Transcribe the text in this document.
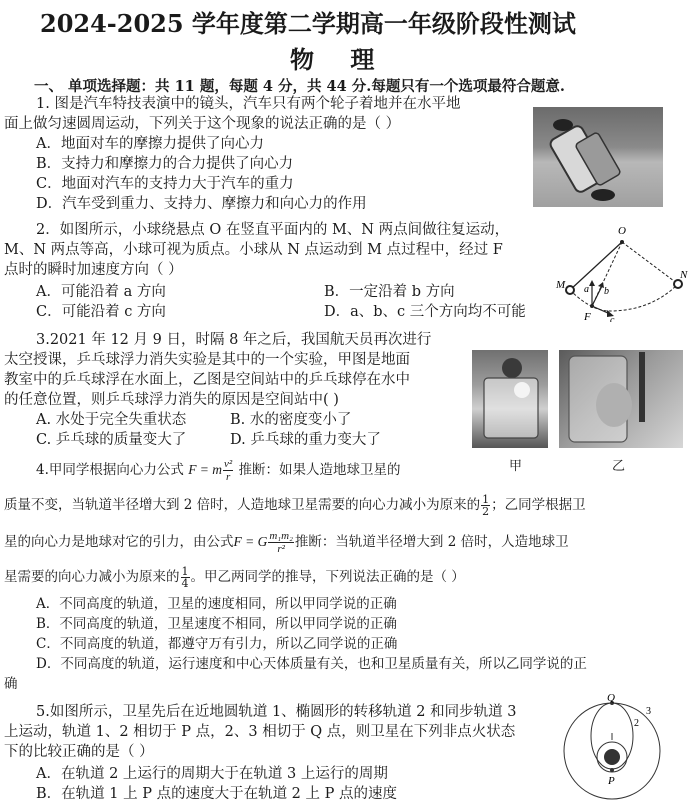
2024-2025 学年度第二学期高一年级阶段性测试
物 理
一、 单项选择题：共 11 题，每题 4 分，共 44 分.每题只有一个选项最符合题意.
1. 图是汽车特技表演中的镜头，汽车只有两个轮子着地并在水平地
面上做匀速圆周运动，下列关于这个现象的说法正确的是（ ）
A．地面对车的摩擦力提供了向心力
B．支持力和摩擦力的合力提供了向心力
C．地面对汽车的支持力大于汽车的重力
D．汽车受到重力、支持力、摩擦力和向心力的作用
2．如图所示，小球绕悬点 O 在竖直平面内的 M、N 两点间做往复运动，
M、N 两点等高，小球可视为质点。小球从 N 点运动到 M 点过程中，经过 F
点时的瞬时加速度方向（ ）
A．可能沿着 a 方向	B．一定沿着 b 方向
C．可能沿着 c 方向	D．a、b、c 三个方向均不可能
O
M
N
F
a b
c
3.2021 年 12 月 9 日，时隔 8 年之后，我国航天员再次进行
太空授课，乒乓球浮力消失实验是其中的一个实验，甲图是地面
教室中的乒乓球浮在水面上，乙图是空间站中的乒乓球停在水中
的任意位置，则乒乓球浮力消失的原因是空间站中( )
A. 水处于完全失重状态	B. 水的密度变小了
C. 乒乓球的质量变大了	D. 乒乓球的重力变大了
甲	乙
4.甲同学根据向心力公式 F = m $\frac{\text{v²}}{r}$ 推断：如果人造地球卫星的
质量不变，当轨道半径增大到 2 倍时，人造地球卫星需要的向心力减小为原来的 $\frac{1}{2}$ ；乙同学根据卫
星的向心力是地球对它的引力，由公式F = G $\frac{\text{m₁m₂}}{\text{r²}}$ 推断：当轨道半径增大到 2 倍时，人造地球卫
星需要的向心力减小为原来的 $\frac{1}{4}$ 。甲乙两同学的推导，下列说法正确的是（ ）
A．不同高度的轨道，卫星的速度相同，所以甲同学说的正确
B．不同高度的轨道，卫星速度不相同，所以甲同学说的正确
C．不同高度的轨道，都遵守万有引力，所以乙同学说的正确
D．不同高度的轨道，运行速度和中心天体质量有关，也和卫星质量有关，所以乙同学说的正
确
5.如图所示，卫星先后在近地圆轨道 1、椭圆形的转移轨道 2 和同步轨道 3
上运动，轨道 1、2 相切于 P 点，2、3 相切于 Q 点，则卫星在下列非点火状态
下的比较正确的是（ ）
A．在轨道 2 上运行的周期大于在轨道 3 上运行的周期
B．在轨道 1 上 P 点的速度大于在轨道 2 上 P 点的速度
Q
P
2
3
